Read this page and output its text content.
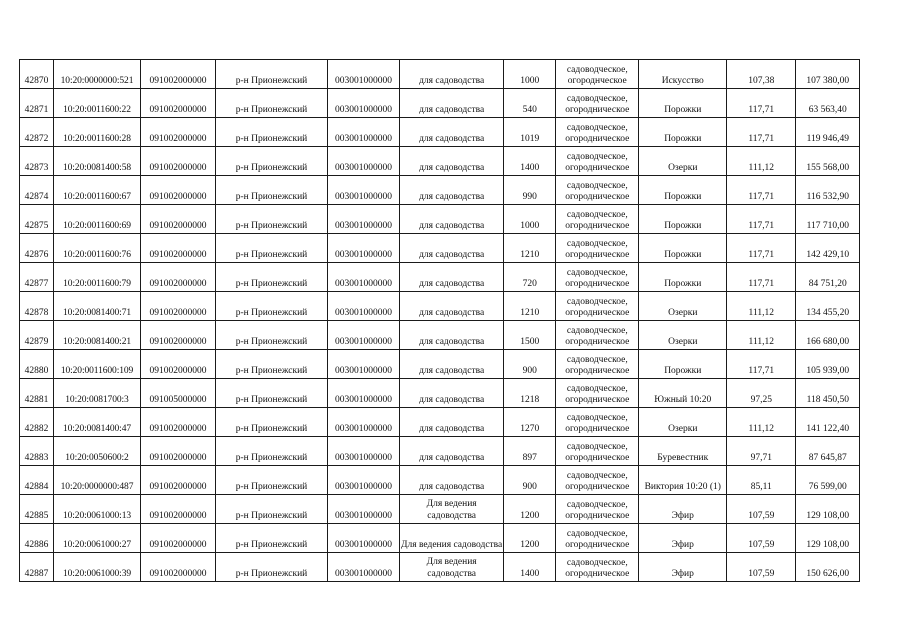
42870	10:20:0000000:521	091002000000	р-н Прионежский	003001000000	для садоводства	1000	садоводческое,
огороднческое	Искусство	107,38	107 380,00
42871	10:20:0011600:22	091002000000	р-н Прионежский	003001000000	для садоводства	540	садоводческое,
огородническое	Порожки	117,71	63 563,40
42872	10:20:0011600:28	091002000000	р-н Прионежский	003001000000	для садоводства	1019	садоводческое,
огородническое	Порожки	117,71	119 946,49
42873	10:20:0081400:58	091002000000	р-н Прионежский	003001000000	для садоводства	1400	садоводческое,
огородническое	Озерки	111,12	155 568,00
42874	10:20:0011600:67	091002000000	р-н Прионежский	003001000000	для садоводства	990	садоводческое,
огородническое	Порожки	117,71	116 532,90
42875	10:20:0011600:69	091002000000	р-н Прионежский	003001000000	для садоводства	1000	садоводческое,
огородническое	Порожки	117,71	117 710,00
42876	10:20:0011600:76	091002000000	р-н Прионежский	003001000000	для садоводства	1210	садоводческое,
огородническое	Порожки	117,71	142 429,10
42877	10:20:0011600:79	091002000000	р-н Прионежский	003001000000	для садоводства	720	садоводческое,
огородническое	Порожки	117,71	84 751,20
42878	10:20:0081400:71	091002000000	р-н Прионежский	003001000000	для садоводства	1210	садоводческое,
огородническое	Озерки	111,12	134 455,20
42879	10:20:0081400:21	091002000000	р-н Прионежский	003001000000	для садоводства	1500	садоводческое,
огородническое	Озерки	111,12	166 680,00
42880	10:20:0011600:109	091002000000	р-н Прионежский	003001000000	для садоводства	900	садоводческое,
огородническое	Порожки	117,71	105 939,00
42881	10:20:0081700:3	091005000000	р-н Прионежский	003001000000	для садоводства	1218	садоводческое,
огородническое	Южный 10:20	97,25	118 450,50
42882	10:20:0081400:47	091002000000	р-н Прионежский	003001000000	для садоводства	1270	садоводческое,
огородническое	Озерки	111,12	141 122,40
42883	10:20:0050600:2	091002000000	р-н Прионежский	003001000000	для садоводства	897	садоводческое,
огородническое	Буревестник	97,71	87 645,87
42884	10:20:0000000:487	091002000000	р-н Прионежский	003001000000	для садоводства	900	садоводческое,
огородническое	Виктория 10:20 (1)	85,11	76 599,00
42885	10:20:0061000:13	091002000000	р-н Прионежский	003001000000	Для ведения
садоводства	1200	садоводческое,
огородническое	Эфир	107,59	129 108,00
42886	10:20:0061000:27	091002000000	р-н Прионежский	003001000000	Для ведения садоводства	1200	садоводческое,
огородническое	Эфир	107,59	129 108,00
42887	10:20:0061000:39	091002000000	р-н Прионежский	003001000000	Для ведения
садоводства	1400	садоводческое,
огородническое	Эфир	107,59	150 626,00
